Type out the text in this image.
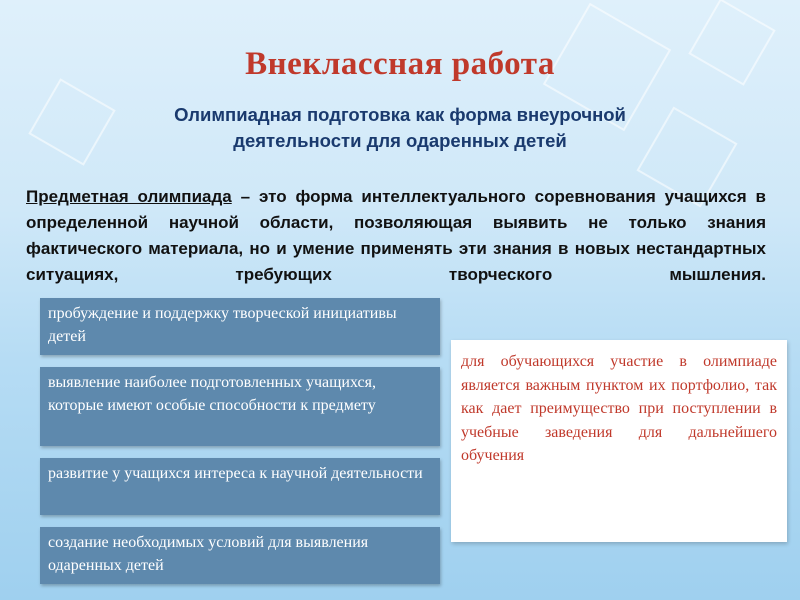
Внеклассная работа
Олимпиадная подготовка как форма внеурочной деятельности для одаренных детей
Предметная олимпиада – это форма интеллектуального соревнования учащихся в определенной научной области, позволяющая выявить не только знания фактического материала, но и умение применять эти знания в новых нестандартных ситуациях, требующих творческого мышления.
пробуждение и поддержку творческой инициативы детей
выявление наиболее подготовленных учащихся, которые имеют особые способности к предмету
развитие у учащихся интереса к научной деятельности
создание необходимых условий для выявления одаренных детей

для обучающихся участие в олимпиаде является важным пунктом их портфолио, так как дает преимущество при поступлении в учебные заведения для дальнейшего обучения
